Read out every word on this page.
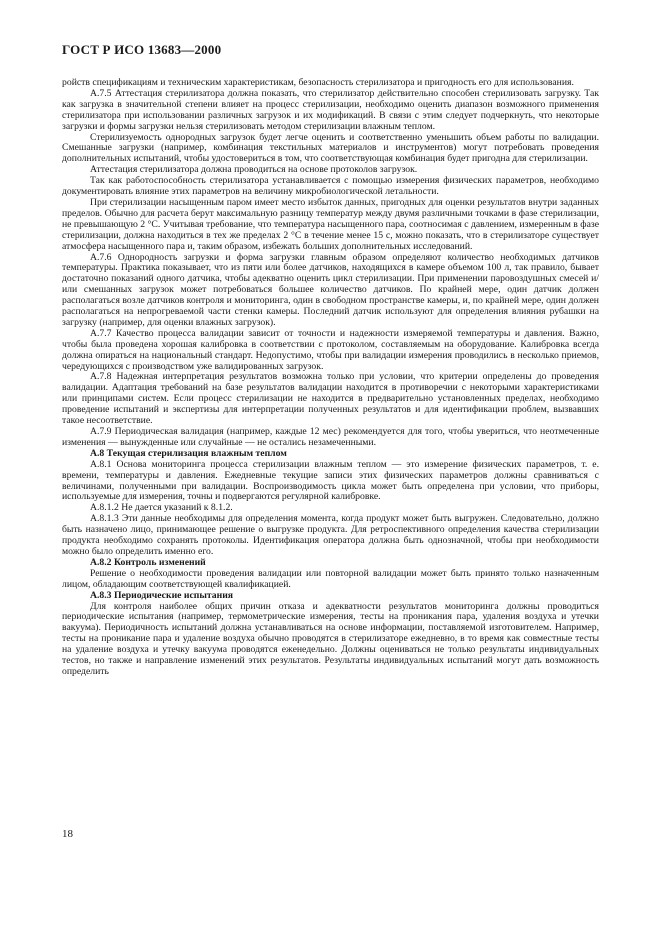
ГОСТ Р ИСО 13683—2000

ройств спецификациям и техническим характеристикам, безопасность стерилизатора и пригодность его для использования.

А.7.5 Аттестация стерилизатора должна показать, что стерилизатор действительно способен стерилизовать загрузку. Так как загрузка в значительной степени влияет на процесс стерилизации, необходимо оценить диапазон возможного применения стерилизатора при использовании различных загрузок и их модификаций. В связи с этим следует подчеркнуть, что некоторые загрузки и формы загрузки нельзя стерилизовать методом стерилизации влажным теплом.

Стерилизуемость однородных загрузок будет легче оценить и соответственно уменьшить объем работы по валидации. Смешанные загрузки (например, комбинация текстильных материалов и инструментов) могут потребовать проведения дополнительных испытаний, чтобы удостовериться в том, что соответствующая комбинация будет пригодна для стерилизации.

Аттестация стерилизатора должна проводиться на основе протоколов загрузок.

Так как работоспособность стерилизатора устанавливается с помощью измерения физических параметров, необходимо документировать влияние этих параметров на величину микробиологической летальности.

При стерилизации насыщенным паром имеет место избыток данных, пригодных для оценки результатов внутри заданных пределов. Обычно для расчета берут максимальную разницу температур между двумя различными точками в фазе стерилизации, не превышающую 2 °С. Учитывая требование, что температура насыщенного пара, соотносимая с давлением, измеренным в фазе стерилизации, должна находиться в тех же пределах 2 °С в течение менее 15 с, можно показать, что в стерилизаторе существует атмосфера насыщенного пара и, таким образом, избежать больших дополнительных исследований.

А.7.6 Однородность загрузки и форма загрузки главным образом определяют количество необходимых датчиков температуры. Практика показывает, что из пяти или более датчиков, находящихся в камере объемом 100 л, так правило, бывает достаточно показаний одного датчика, чтобы адекватно оценить цикл стерилизации. При применении паровоздушных смесей и/или смешанных загрузок может потребоваться большее количество датчиков. По крайней мере, один датчик должен располагаться возле датчиков контроля и мониторинга, один в свободном пространстве камеры, и, по крайней мере, один должен располагаться на непрогреваемой части стенки камеры. Последний датчик используют для определения влияния рубашки на загрузку (например, для оценки влажных загрузок).

А.7.7 Качество процесса валидации зависит от точности и надежности измеряемой температуры и давления. Важно, чтобы была проведена хорошая калибровка в соответствии с протоколом, составляемым на оборудование. Калибровка всегда должна опираться на национальный стандарт. Недопустимо, чтобы при валидации измерения проводились в несколько приемов, чередующихся с производством уже валидированных загрузок.

А.7.8 Надежная интерпретация результатов возможна только при условии, что критерии определены до проведения валидации. Адаптация требований на базе результатов валидации находится в противоречии с некоторыми характеристиками или принципами систем. Если процесс стерилизации не находится в предварительно установленных пределах, необходимо проведение испытаний и экспертизы для интерпретации полученных результатов и для идентификации проблем, вызвавших такое несоответствие.

А.7.9 Периодическая валидация (например, каждые 12 мес) рекомендуется для того, чтобы увериться, что неотмеченные изменения — вынужденные или случайные — не остались незамеченными.

А.8 Текущая стерилизация влажным теплом

А.8.1 Основа мониторинга процесса стерилизации влажным теплом — это измерение физических параметров, т. е. времени, температуры и давления. Ежедневные текущие записи этих физических параметров должны сравниваться с величинами, полученными при валидации. Воспроизводимость цикла может быть определена при условии, что приборы, используемые для измерения, точны и подвергаются регулярной калибровке.

А.8.1.2 Не дается указаний к 8.1.2.

А.8.1.3 Эти данные необходимы для определения момента, когда продукт может быть выгружен. Следовательно, должно быть назначено лицо, принимающее решение о выгрузке продукта. Для ретроспективного определения качества стерилизации продукта необходимо сохранять протоколы. Идентификация оператора должна быть однозначной, чтобы при необходимости можно было определить именно его.

А.8.2 Контроль изменений

Решение о необходимости проведения валидации или повторной валидации может быть принято только назначенным лицом, обладающим соответствующей квалификацией.

А.8.3 Периодические испытания

Для контроля наиболее общих причин отказа и адекватности результатов мониторинга должны проводиться периодические испытания (например, термометрические измерения, тесты на проникания пара, удаления воздуха и утечки вакуума). Периодичность испытаний должна устанавливаться на основе информации, поставляемой изготовителем. Например, тесты на проникание пара и удаление воздуха обычно проводятся в стерилизаторе ежедневно, в то время как совместные тесты на удаление воздуха и утечку вакуума проводятся еженедельно. Должны оцениваться не только результаты индивидуальных тестов, но также и направление изменений этих результатов. Результаты индивидуальных испытаний могут дать возможность определить

18
